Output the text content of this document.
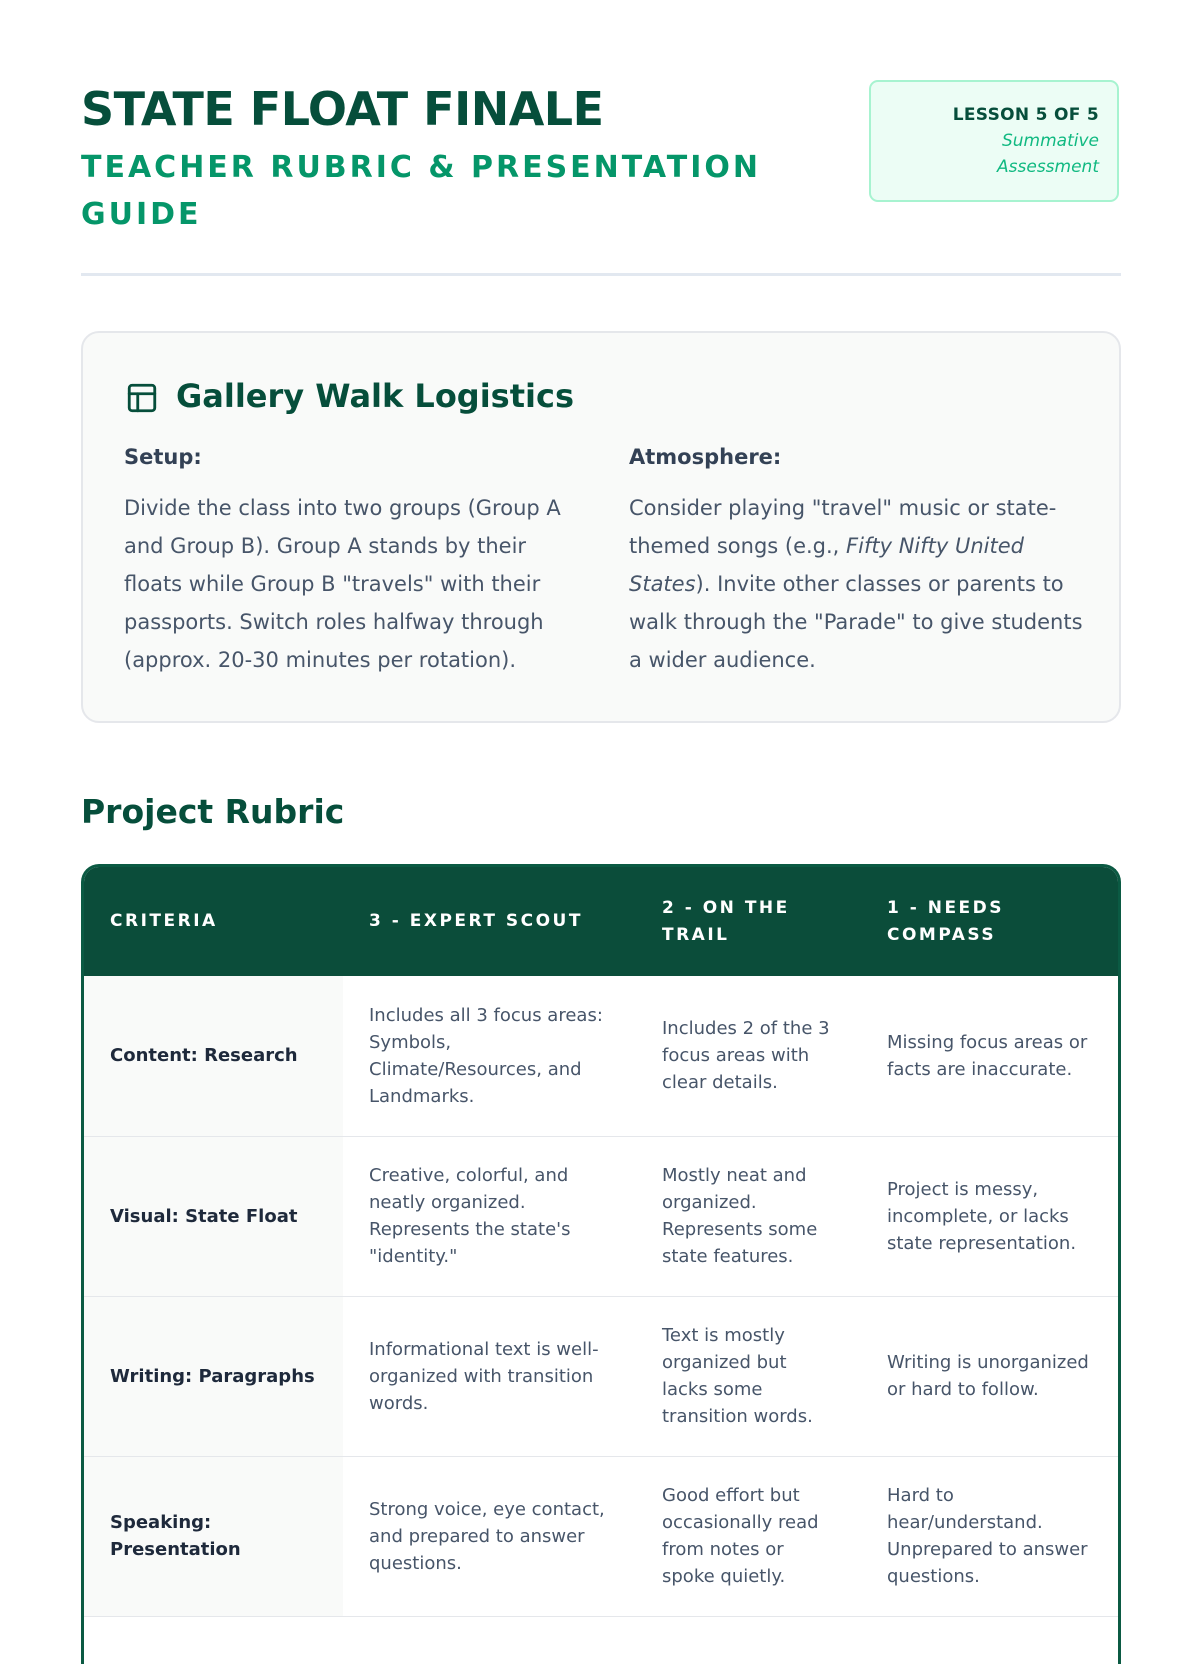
STATE FLOAT FINALE
TEACHER RUBRIC & PRESENTATION GUIDE
LESSON 5 OF 5
Summative Assessment
Gallery Walk Logistics

Setup:

Divide the class into two groups (Group A and Group B). Group A stands by their floats while Group B "travels" with their passports. Switch roles halfway through (approx. 20-30 minutes per rotation).

Atmosphere:

Consider playing "travel" music or state-themed songs (e.g., Fifty Nifty United States). Invite other classes or parents to walk through the "Parade" to give students a wider audience.

Project Rubric
CRITERIA	3 - EXPERT SCOUT	2 - ON THE TRAIL	1 - NEEDS COMPASS
Content: Research	Includes all 3 focus areas: Symbols, Climate/Resources, and Landmarks.	Includes 2 of the 3 focus areas with clear details.	Missing focus areas or facts are inaccurate.
Visual: State Float	Creative, colorful, and neatly organized. Represents the state's "identity."	Mostly neat and organized. Represents some state features.	Project is messy, incomplete, or lacks state representation.
Writing: Paragraphs	Informational text is well-organized with transition words.	Text is mostly organized but lacks some transition words.	Writing is unorganized or hard to follow.
Speaking: Presentation	Strong voice, eye contact, and prepared to answer questions.	Good effort but occasionally read from notes or spoke quietly.	Hard to hear/understand. Unprepared to answer questions.
